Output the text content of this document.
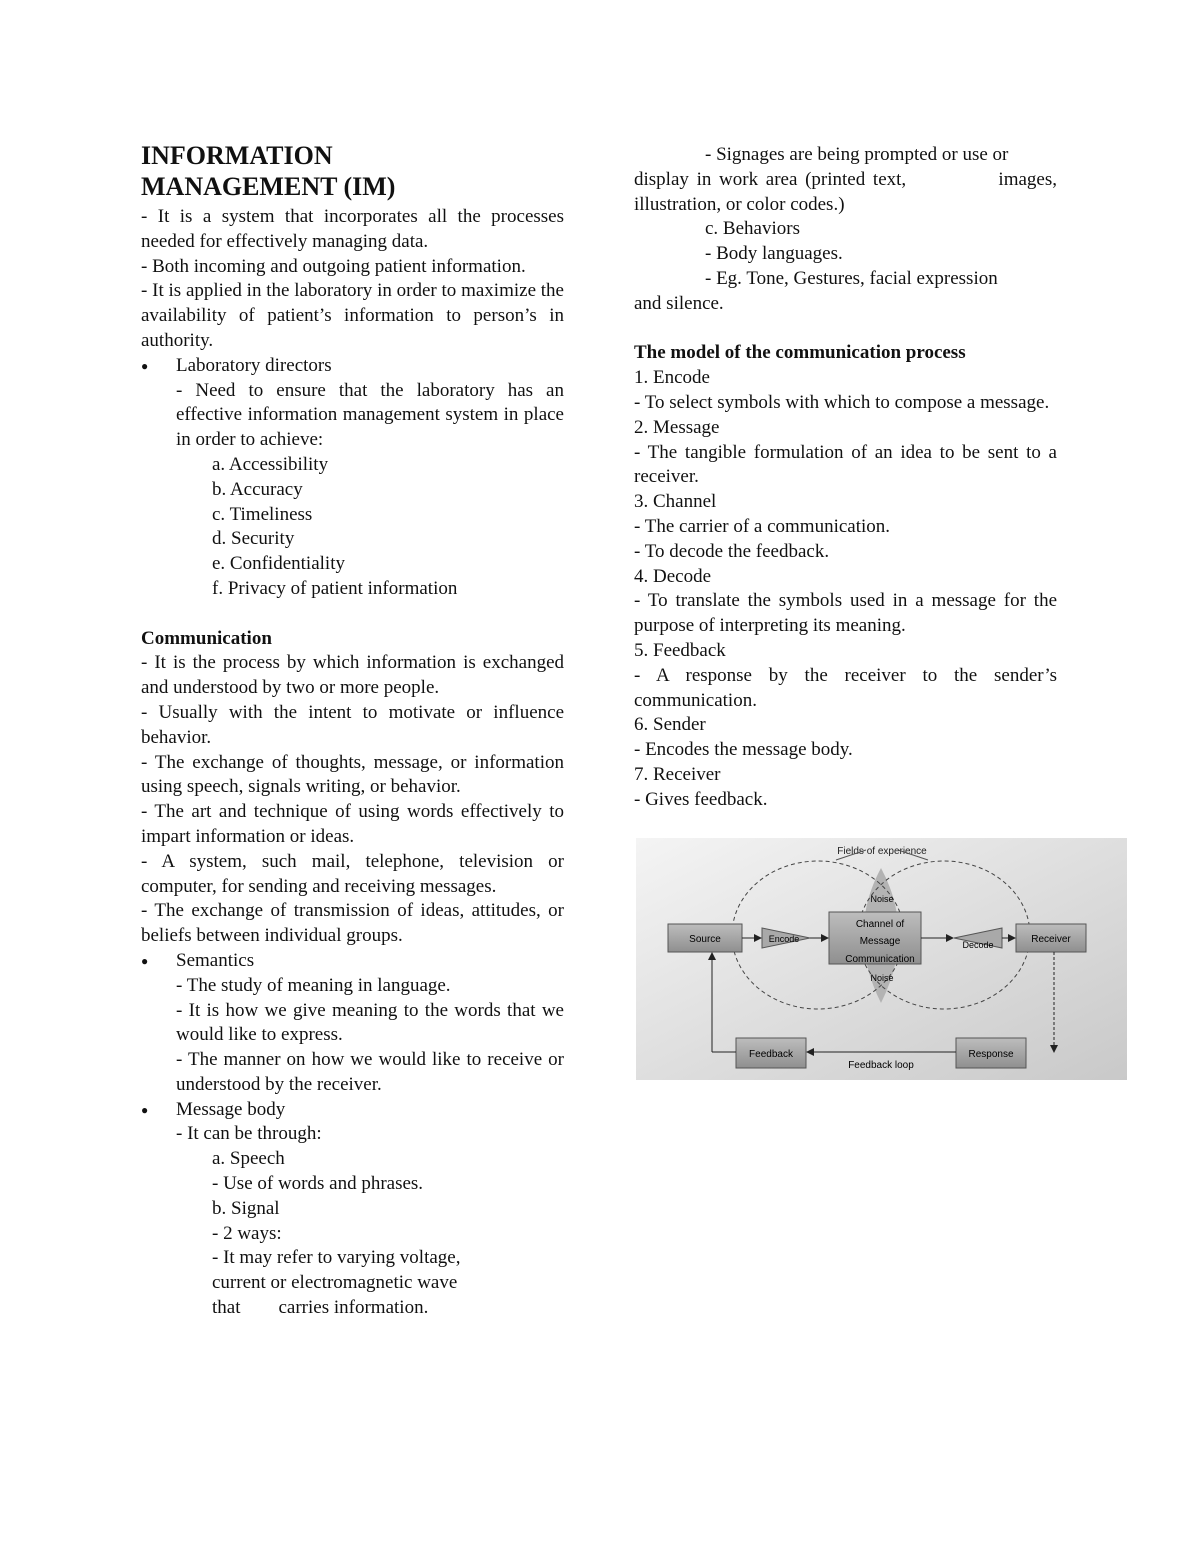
INFORMATION
MANAGEMENT (IM)
- It is a system that incorporates all the processes needed for effectively managing data.
- Both incoming and outgoing patient information.
- It is applied in the laboratory in order to maximize the availability of patient’s information to person’s in authority.
● Laboratory directors
- Need to ensure that the laboratory has an effective information management system in place in order to achieve:
a. Accessibility
b. Accuracy
c. Timeliness
d. Security
e. Confidentiality
f. Privacy of patient information
Communication
- It is the process by which information is exchanged and understood by two or more people.
- Usually with the intent to motivate or influence behavior.
- The exchange of thoughts, message, or information using speech, signals writing, or behavior.
- The art and technique of using words effectively to impart information or ideas.
- A system, such mail, telephone, television or computer, for sending and receiving messages.
- The exchange of transmission of ideas, attitudes, or beliefs between individual groups.
● Semantics
- The study of meaning in language.
- It is how we give meaning to the words that we would like to express.
- The manner on how we would like to receive or understood by the receiver.
● Message body
- It can be through:
a. Speech
- Use of words and phrases.
b. Signal
- 2 ways:
- It may refer to varying voltage,
current or electromagnetic wave
that        carries information.
- Signages are being prompted or use or
display in work area (printed text,            images, illustration, or color codes.)
c. Behaviors
- Body languages.
- Eg. Tone, Gestures, facial expression
and silence.
The model of the communication process
1. Encode
- To select symbols with which to compose a message.
2. Message
- The tangible formulation of an idea to be sent to a receiver.
3. Channel
- The carrier of a communication.
- To decode the feedback.
4. Decode
- To translate the symbols used in a message for the purpose of interpreting its meaning.
5. Feedback
- A response by the receiver to the sender’s communication.
6. Sender
- Encodes the message body.
7. Receiver
- Gives feedback.
Fields of experience
Source	Encode
Noise
Channel of
Message
Communication
Noise
Decode	Receiver
Feedback	Response
Feedback loop
